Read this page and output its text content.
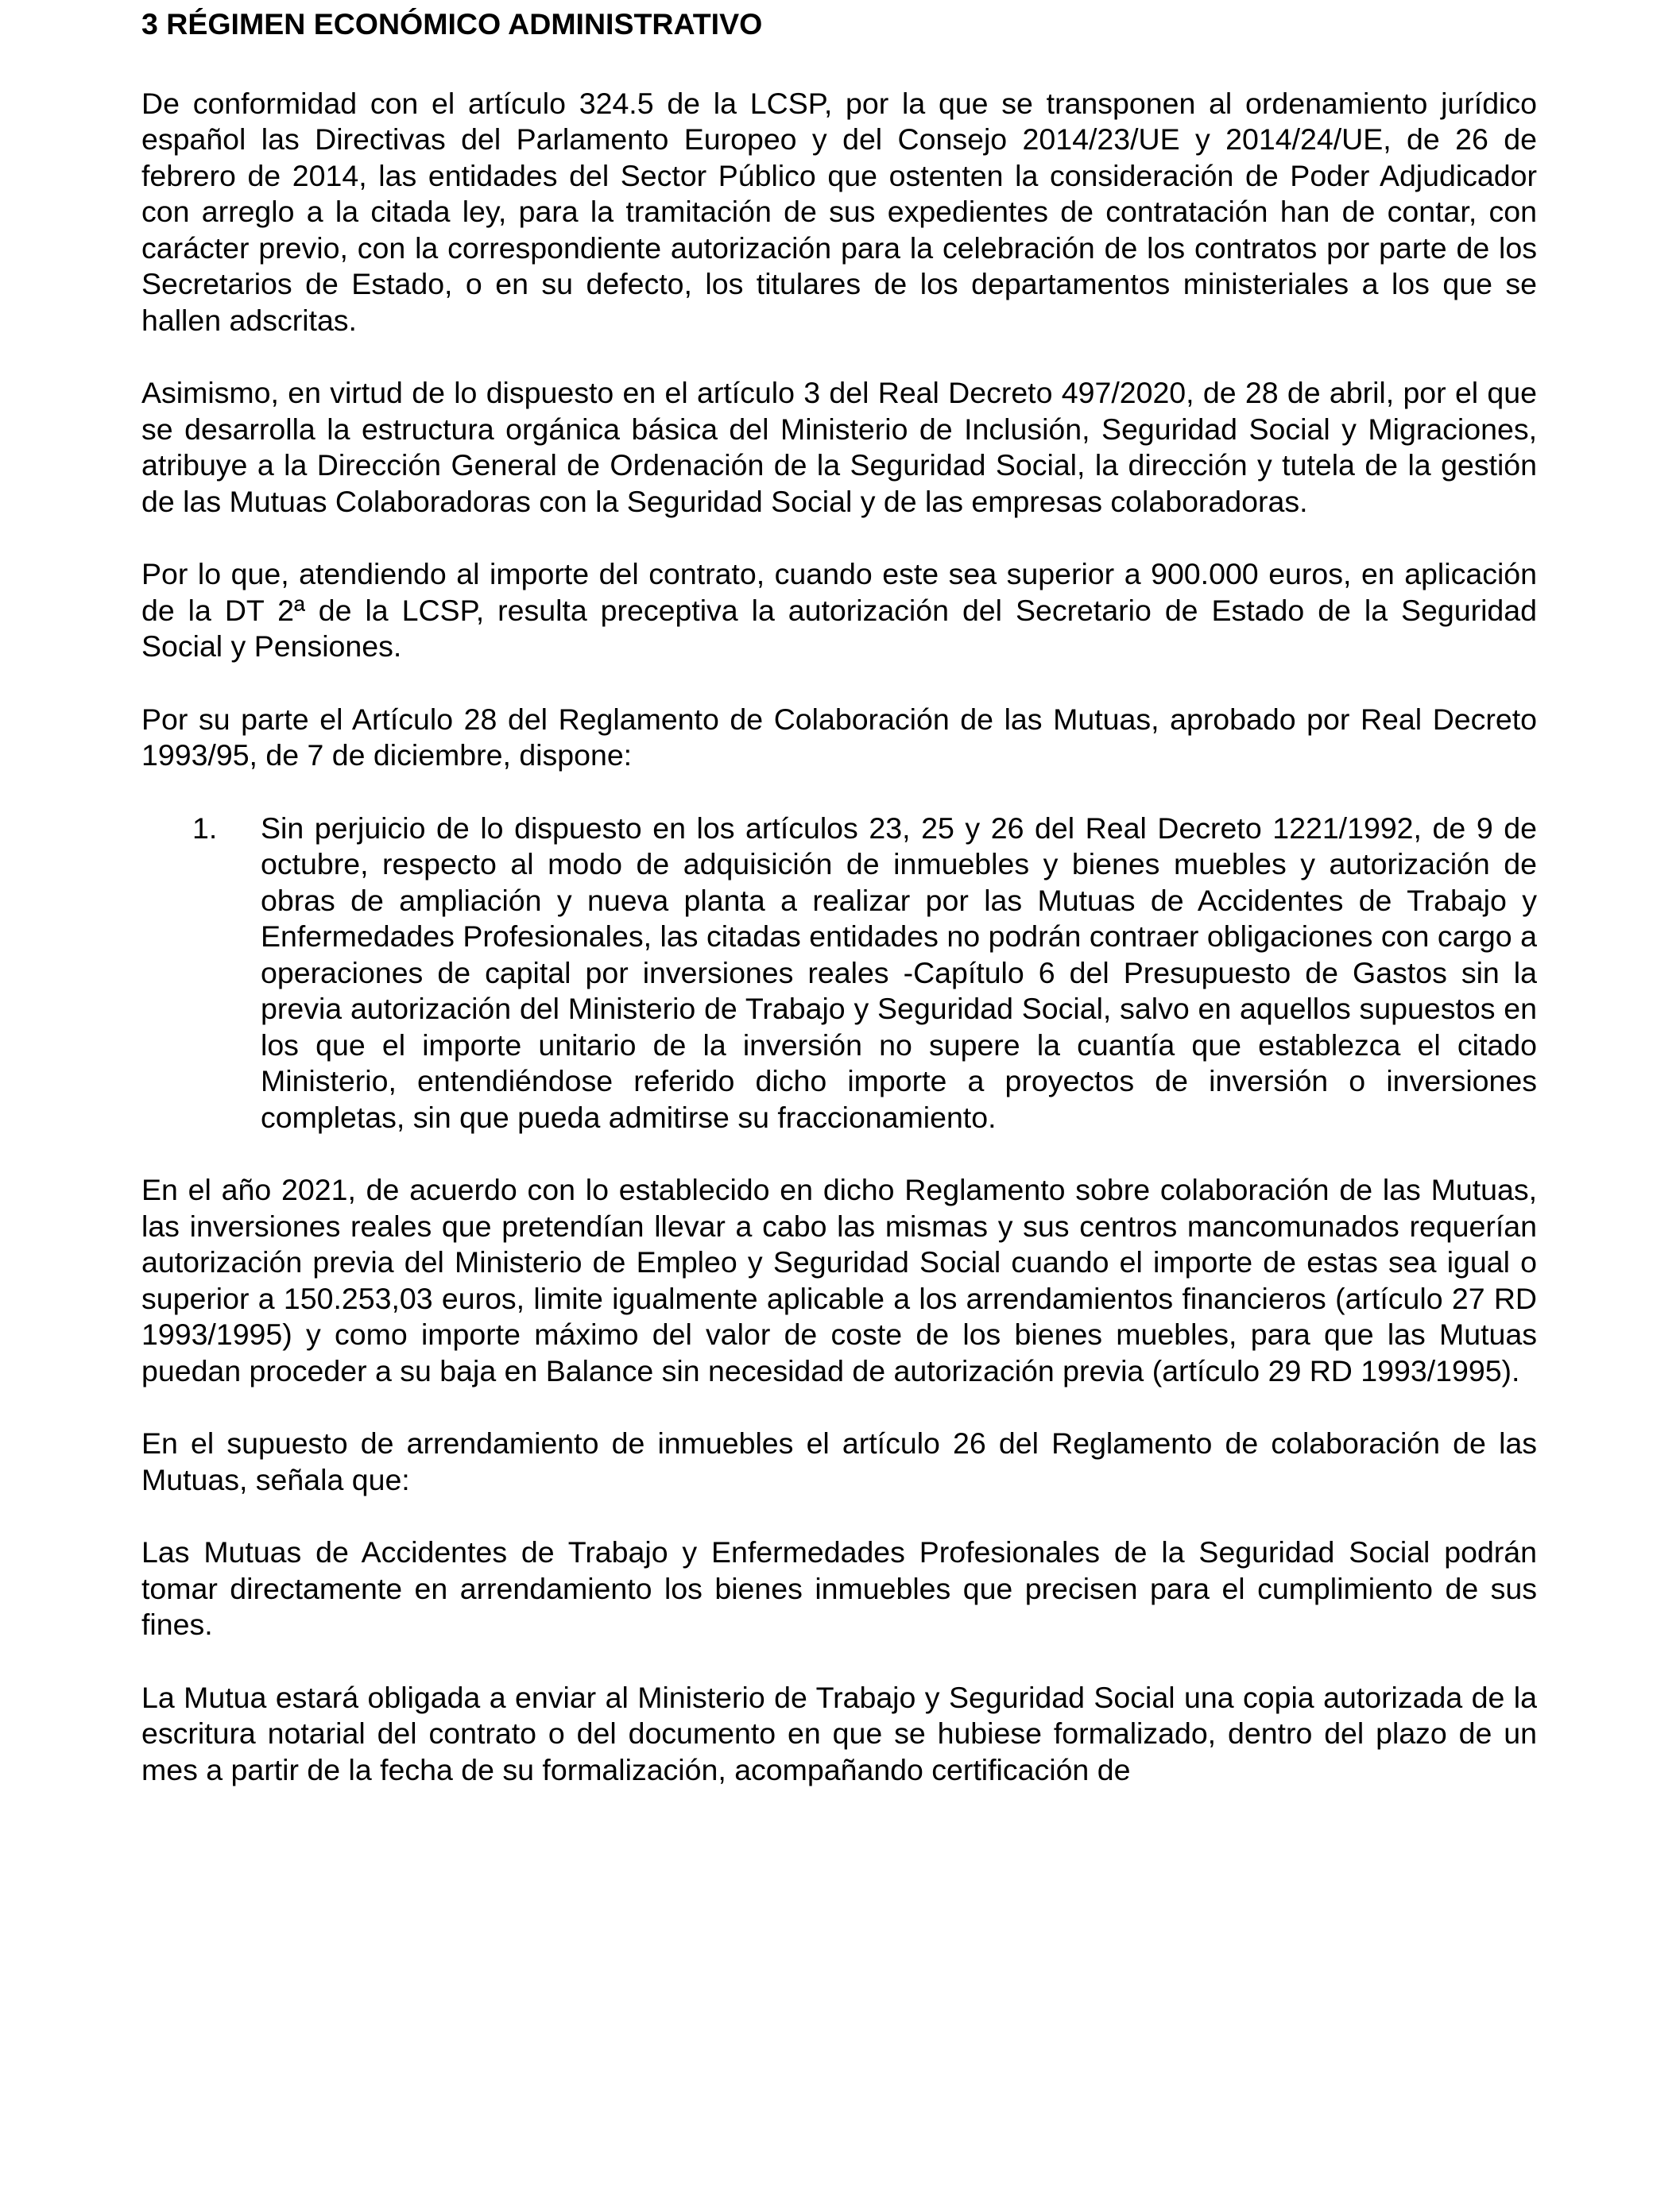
3 RÉGIMEN ECONÓMICO ADMINISTRATIVO

De conformidad con el artículo 324.5 de la LCSP, por la que se transponen al ordenamiento jurídico español las Directivas del Parlamento Europeo y del Consejo 2014/23/UE y 2014/24/UE, de 26 de febrero de 2014, las entidades del Sector Público que ostenten la consideración de Poder Adjudicador con arreglo a la citada ley, para la tramitación de sus expedientes de contratación han de contar, con carácter previo, con la correspondiente autorización para la celebración de los contratos por parte de los Secretarios de Estado, o en su defecto, los titulares de los departamentos ministeriales a los que se hallen adscritas.

Asimismo, en virtud de lo dispuesto en el artículo 3 del Real Decreto 497/2020, de 28 de abril, por el que se desarrolla la estructura orgánica básica del Ministerio de Inclusión, Seguridad Social y Migraciones, atribuye a la Dirección General de Ordenación de la Seguridad Social, la dirección y tutela de la gestión de las Mutuas Colaboradoras con la Seguridad Social y de las empresas colaboradoras.

Por lo que, atendiendo al importe del contrato, cuando este sea superior a 900.000 euros, en aplicación de la DT 2ª de la LCSP, resulta preceptiva la autorización del Secretario de Estado de la Seguridad Social y Pensiones.

Por su parte el Artículo 28 del Reglamento de Colaboración de las Mutuas, aprobado por Real Decreto 1993/95, de 7 de diciembre, dispone:

1. Sin perjuicio de lo dispuesto en los artículos 23, 25 y 26 del Real Decreto 1221/1992, de 9 de octubre, respecto al modo de adquisición de inmuebles y bienes muebles y autorización de obras de ampliación y nueva planta a realizar por las Mutuas de Accidentes de Trabajo y Enfermedades Profesionales, las citadas entidades no podrán contraer obligaciones con cargo a operaciones de capital por inversiones reales -Capítulo 6 del Presupuesto de Gastos sin la previa autorización del Ministerio de Trabajo y Seguridad Social, salvo en aquellos supuestos en los que el importe unitario de la inversión no supere la cuantía que establezca el citado Ministerio, entendiéndose referido dicho importe a proyectos de inversión o inversiones completas, sin que pueda admitirse su fraccionamiento.

En el año 2021, de acuerdo con lo establecido en dicho Reglamento sobre colaboración de las Mutuas, las inversiones reales que pretendían llevar a cabo las mismas y sus centros mancomunados requerían autorización previa del Ministerio de Empleo y Seguridad Social cuando el importe de estas sea igual o superior a 150.253,03 euros, limite igualmente aplicable a los arrendamientos financieros (artículo 27 RD 1993/1995) y como importe máximo del valor de coste de los bienes muebles, para que las Mutuas puedan proceder a su baja en Balance sin necesidad de autorización previa (artículo 29 RD 1993/1995).

En el supuesto de arrendamiento de inmuebles el artículo 26 del Reglamento de colaboración de las Mutuas, señala que:

Las Mutuas de Accidentes de Trabajo y Enfermedades Profesionales de la Seguridad Social podrán tomar directamente en arrendamiento los bienes inmuebles que precisen para el cumplimiento de sus fines.

La Mutua estará obligada a enviar al Ministerio de Trabajo y Seguridad Social una copia autorizada de la escritura notarial del contrato o del documento en que se hubiese formalizado, dentro del plazo de un mes a partir de la fecha de su formalización, acompañando certificación de
